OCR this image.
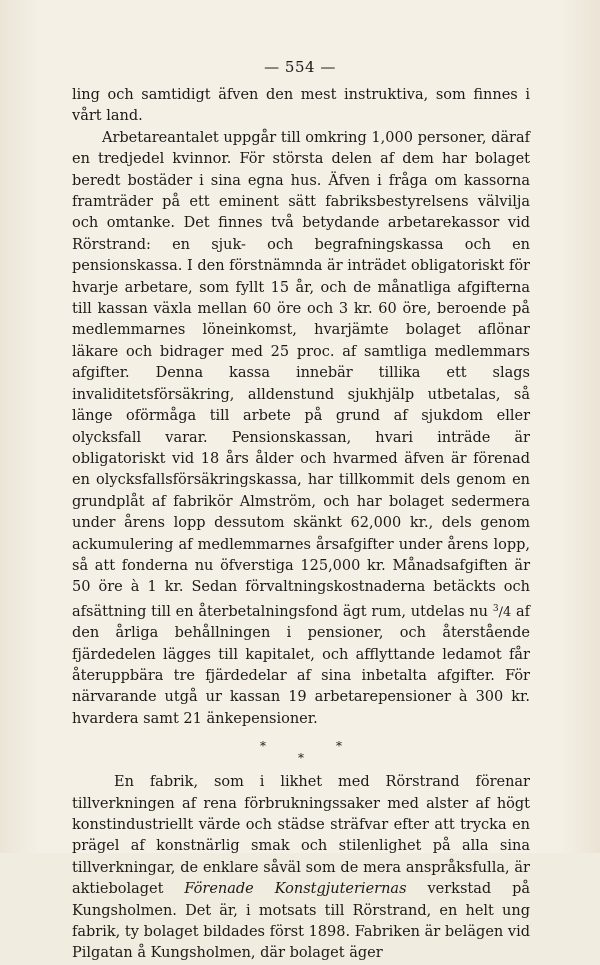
— 554 —

ling och samtidigt äfven den mest instruktiva, som finnes i vårt land.

Arbetareantalet uppgår till omkring 1,000 personer, däraf en tredjedel kvinnor. För största delen af dem har bolaget beredt bostäder i sina egna hus. Äfven i fråga om kassorna framträder på ett eminent sätt fabriksbestyrelsens välvilja och omtanke. Det finnes två betydande arbetarekassor vid Rörstrand: en sjuk- och begrafningskassa och en pensionskassa. I den förstnämnda är inträdet obligatoriskt för hvarje arbetare, som fyllt 15 år, och de månatliga afgifterna till kassan växla mellan 60 öre och 3 kr. 60 öre, beroende på medlemmarnes löneinkomst, hvarjämte bolaget aflönar läkare och bidrager med 25 proc. af samtliga medlemmars afgifter. Denna kassa innebär tillika ett slags invaliditetsförsäkring, alldenstund sjukhjälp utbetalas, så länge oförmåga till arbete på grund af sjukdom eller olycksfall varar. Pensionskassan, hvari inträde är obligatoriskt vid 18 års ålder och hvarmed äfven är förenad en olycksfallsförsäkringskassa, har tillkommit dels genom en grundplåt af fabrikör Almström, och har bolaget sedermera under årens lopp dessutom skänkt 62,000 kr., dels genom ackumulering af medlemmarnes årsafgifter under årens lopp, så att fonderna nu öfverstiga 125,000 kr. Månadsafgiften är 50 öre à 1 kr. Sedan förvaltningskostnaderna betäckts och afsättning till en återbetalningsfond ägt rum, utdelas nu $^3$/4 af den årliga behållningen i pensioner, och återstående fjärdedelen lägges till kapitalet, och afflyttande ledamot får återuppbära tre fjärdedelar af sina inbetalta afgifter. För närvarande utgå ur kassan 19 arbetarepensioner à 300 kr. hvardera samt 21 änkepensioner.

*	*
*

En fabrik, som i likhet med Rörstrand förenar tillverkningen af rena förbrukningssaker med alster af högt konstindustriellt värde och städse sträfvar efter att trycka en prägel af konstnärlig smak och stilenlighet på alla sina tillverkningar, de enklare såväl som de mera anspråksfulla, är aktiebolaget Förenade Konstgjuteriernas verkstad på Kungsholmen. Det är, i motsats till Rörstrand, en helt ung fabrik, ty bolaget bildades först 1898. Fabriken är belägen vid Pilgatan å Kungsholmen, där bolaget äger
